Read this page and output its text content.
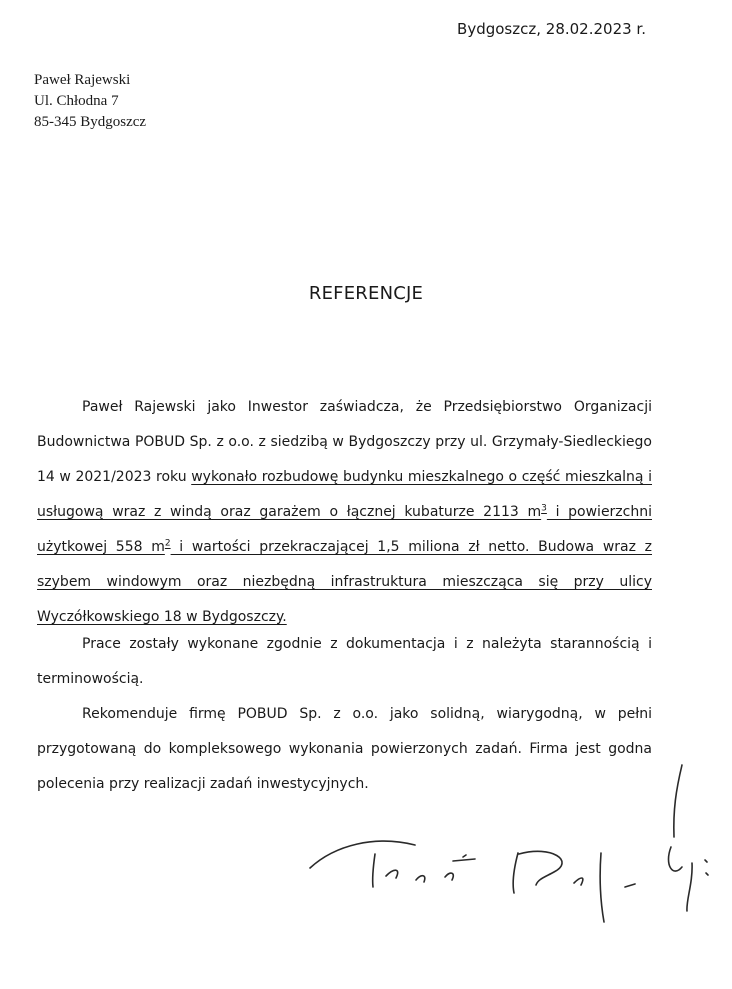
Bydgoszcz, 28.02.2023 r.
Paweł Rajewski
Ul. Chłodna 7
85-345 Bydgoszcz
REFERENCJE
Paweł Rajewski jako Inwestor zaświadcza, że Przedsiębiorstwo Organizacji Budownictwa POBUD Sp. z o.o. z siedzibą w Bydgoszczy przy ul. Grzymały-Siedleckiego 14 w 2021/2023 roku wykonało rozbudowę budynku mieszkalnego o część mieszkalną i usługową wraz z windą oraz garażem o łącznej kubaturze 2113 $m^3$ i powierzchni użytkowej 558 $m^2$ i wartości przekraczającej 1,5 miliona zł netto. Budowa wraz z szybem windowym oraz niezbędną infrastruktura mieszcząca się przy ulicy Wyczółkowskiego 18 w Bydgoszczy.
Prace zostały wykonane zgodnie z dokumentacja i z należyta starannością i terminowością.
Rekomenduje firmę POBUD Sp. z o.o. jako solidną, wiarygodną, w pełni przygotowaną do kompleksowego wykonania powierzonych zadań. Firma jest godna polecenia przy realizacji zadań inwestycyjnych.
